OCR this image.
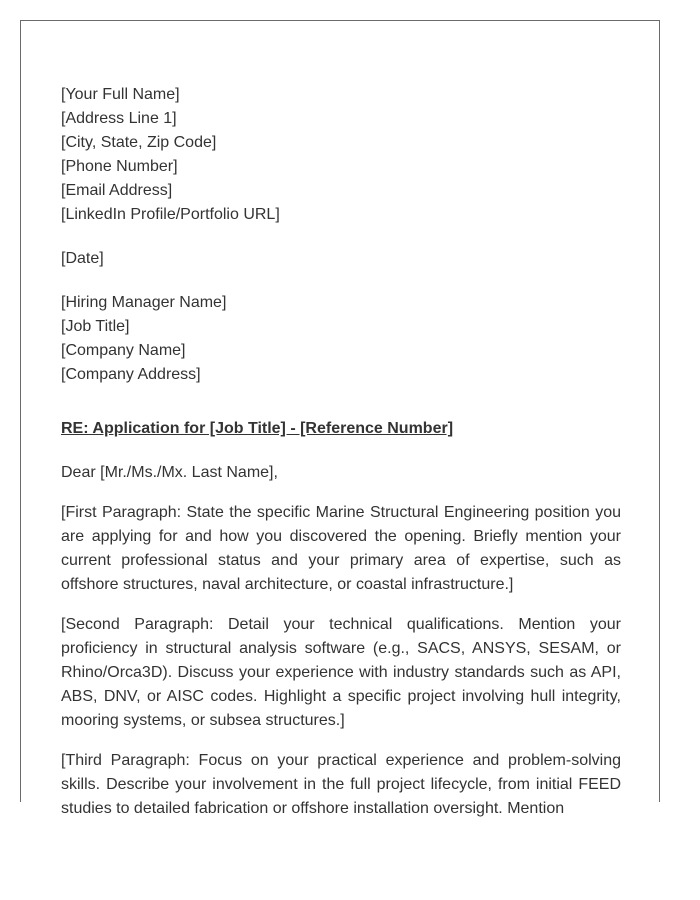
[Your Full Name]
[Address Line 1]
[City, State, Zip Code]
[Phone Number]
[Email Address]
[LinkedIn Profile/Portfolio URL]
[Date]
[Hiring Manager Name]
[Job Title]
[Company Name]
[Company Address]
RE: Application for [Job Title] - [Reference Number]
Dear [Mr./Ms./Mx. Last Name],

[First Paragraph: State the specific Marine Structural Engineering position you are applying for and how you discovered the opening. Briefly mention your current professional status and your primary area of expertise, such as offshore structures, naval architecture, or coastal infrastructure.]

[Second Paragraph: Detail your technical qualifications. Mention your proficiency in structural analysis software (e.g., SACS, ANSYS, SESAM, or Rhino/Orca3D). Discuss your experience with industry standards such as API, ABS, DNV, or AISC codes. Highlight a specific project involving hull integrity, mooring systems, or subsea structures.]

[Third Paragraph: Focus on your practical experience and problem-solving skills. Describe your involvement in the full project lifecycle, from initial FEED studies to detailed fabrication or offshore installation oversight. Mention
